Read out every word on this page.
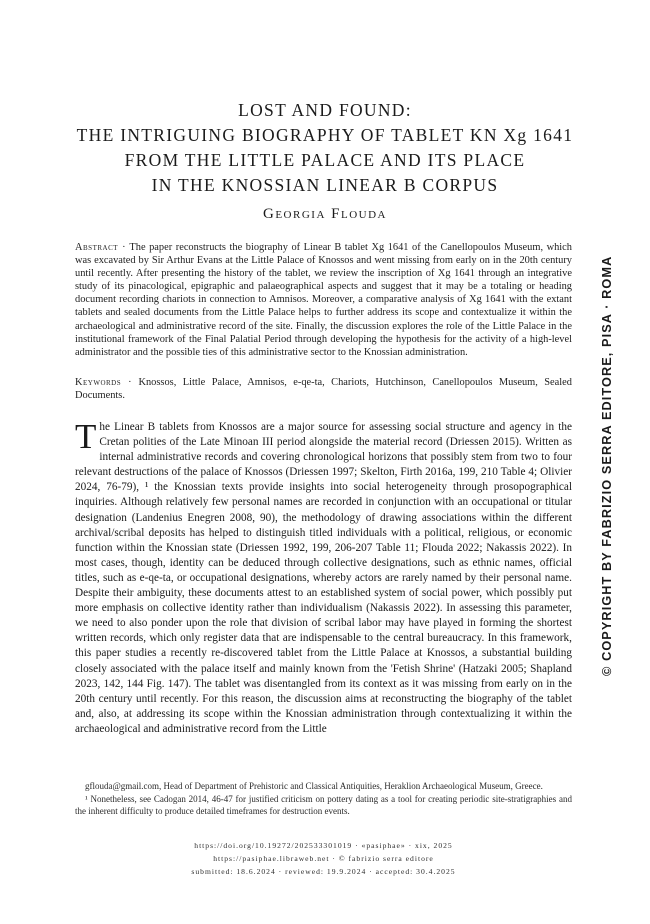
LOST AND FOUND:
THE INTRIGUING BIOGRAPHY OF TABLET KN Xg 1641
FROM THE LITTLE PALACE AND ITS PLACE
IN THE KNOSSIAN LINEAR B CORPUS
Georgia Flouda
Abstract · The paper reconstructs the biography of Linear B tablet Xg 1641 of the Canellopoulos Museum, which was excavated by Sir Arthur Evans at the Little Palace of Knossos and went missing from early on in the 20th century until recently. After presenting the history of the tablet, we review the inscription of Xg 1641 through an integrative study of its pinacological, epigraphic and palaeographical aspects and suggest that it may be a totaling or heading document recording chariots in connection to Amnisos. Moreover, a comparative analysis of Xg 1641 with the extant tablets and sealed documents from the Little Palace helps to further address its scope and contextualize it within the archaeological and administrative record of the site. Finally, the discussion explores the role of the Little Palace in the institutional framework of the Final Palatial Period through developing the hypothesis for the activity of a high-level administrator and the possible ties of this administrative sector to the Knossian administration.
Keywords · Knossos, Little Palace, Amnisos, e-qe-ta, Chariots, Hutchinson, Canellopoulos Museum, Sealed Documents.
The Linear B tablets from Knossos are a major source for assessing social structure and agency in the Cretan polities of the Late Minoan III period alongside the material record (Driessen 2015). Written as internal administrative records and covering chronological horizons that possibly stem from two to four relevant destructions of the palace of Knossos (Driessen 1997; Skelton, Firth 2016a, 199, 210 Table 4; Olivier 2024, 76-79), ¹ the Knossian texts provide insights into social heterogeneity through prosopographical inquiries. Although relatively few personal names are recorded in conjunction with an occupational or titular designation (Landenius Enegren 2008, 90), the methodology of drawing associations within the different archival/scribal deposits has helped to distinguish titled individuals with a political, religious, or economic function within the Knossian state (Driessen 1992, 199, 206-207 Table 11; Flouda 2022; Nakassis 2022). In most cases, though, identity can be deduced through collective designations, such as ethnic names, official titles, such as e-qe-ta, or occupational designations, whereby actors are rarely named by their personal name. Despite their ambiguity, these documents attest to an established system of social power, which possibly put more emphasis on collective identity rather than individualism (Nakassis 2022). In assessing this parameter, we need to also ponder upon the role that division of scribal labor may have played in forming the shortest written records, which only register data that are indispensable to the central bureaucracy. In this framework, this paper studies a recently re-discovered tablet from the Little Palace at Knossos, a substantial building closely associated with the palace itself and mainly known from the 'Fetish Shrine' (Hatzaki 2005; Shapland 2023, 142, 144 Fig. 147). The tablet was disentangled from its context as it was missing from early on in the 20th century until recently. For this reason, the discussion aims at reconstructing the biography of the tablet and, also, at addressing its scope within the Knossian administration through contextualizing it within the archaeological and administrative record from the Little

gflouda@gmail.com, Head of Department of Prehistoric and Classical Antiquities, Heraklion Archaeological Museum, Greece.

¹ Nonetheless, see Cadogan 2014, 46-47 for justified criticism on pottery dating as a tool for creating periodic site-stratigraphies and the inherent difficulty to produce detailed timeframes for destruction events.

https://doi.org/10.19272/202533301019 · «pasiphae» · xix, 2025
https://pasiphae.libraweb.net · © fabrizio serra editore
submitted: 18.6.2024 · reviewed: 19.9.2024 · accepted: 30.4.2025
© COPYRIGHT BY FABRIZIO SERRA EDITORE, PISA · ROMA
